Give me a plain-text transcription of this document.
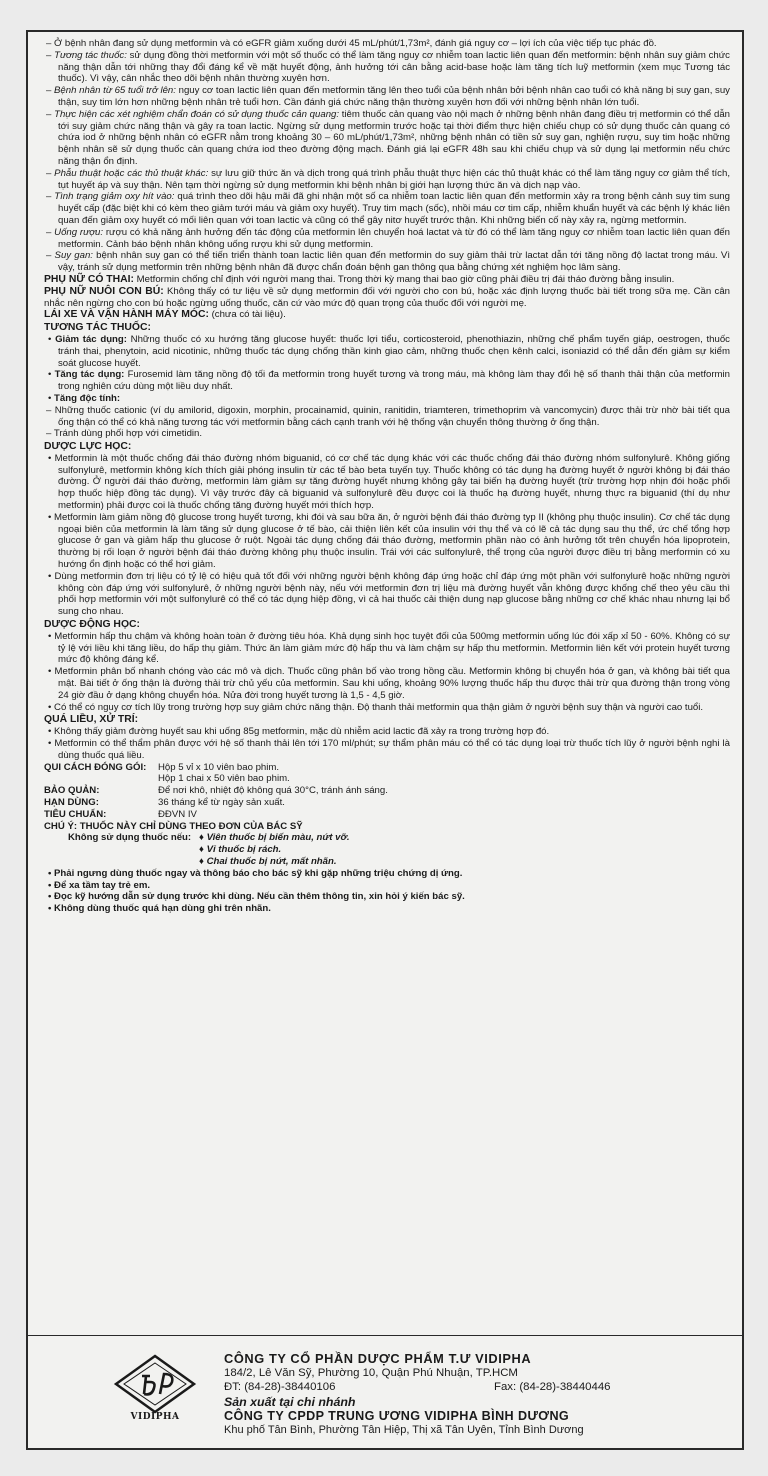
– Ở bệnh nhân đang sử dụng metformin và có eGFR giảm xuống dưới 45 mL/phút/1,73m², đánh giá nguy cơ – lợi ích của việc tiếp tục phác đồ.

– Tương tác thuốc: sử dụng đồng thời metformin với một số thuốc có thể làm tăng nguy cơ nhiễm toan lactic liên quan đến metformin: bệnh nhân suy giảm chức năng thận dẫn tới những thay đổi đáng kể về mặt huyết động, ảnh hưởng tới cân bằng acid-base hoặc làm tăng tích luỹ metformin (xem mục Tương tác thuốc). Vì vậy, cân nhắc theo dõi bệnh nhân thường xuyên hơn.

– Bệnh nhân từ 65 tuổi trở lên: nguy cơ toan lactic liên quan đến metformin tăng lên theo tuổi của bệnh nhân bởi bệnh nhân cao tuổi có khả năng bị suy gan, suy thận, suy tim lớn hơn những bệnh nhân trẻ tuổi hơn. Cần đánh giá chức năng thận thường xuyên hơn đối với những bệnh nhân lớn tuổi.

– Thực hiện các xét nghiệm chẩn đoán có sử dụng thuốc cản quang: tiêm thuốc cản quang vào nội mạch ở những bệnh nhân đang điều trị metformin có thể dẫn tới suy giảm chức năng thận và gây ra toan lactic. Ngừng sử dụng metformin trước hoặc tại thời điểm thực hiện chiếu chụp có sử dụng thuốc cản quang có chứa iod ở những bệnh nhân có eGFR nằm trong khoảng 30 – 60 mL/phút/1,73m², những bệnh nhân có tiền sử suy gan, nghiện rượu, suy tim hoặc những bệnh nhân sẽ sử dụng thuốc cản quang chứa iod theo đường động mạch. Đánh giá lại eGFR 48h sau khi chiếu chụp và sử dụng lại metformin nếu chức năng thận ổn định.

– Phẫu thuật hoặc các thủ thuật khác: sự lưu giữ thức ăn và dịch trong quá trình phẫu thuật thực hiện các thủ thuật khác có thể làm tăng nguy cơ giảm thể tích, tụt huyết áp và suy thận. Nên tạm thời ngừng sử dụng metformin khi bệnh nhân bị giới hạn lượng thức ăn và dịch nạp vào.

– Tình trạng giảm oxy hít vào: quá trình theo dõi hậu mãi đã ghi nhận một số ca nhiễm toan lactic liên quan đến metformin xảy ra trong bệnh cảnh suy tim sung huyết cấp (đặc biệt khi có kèm theo giảm tưới máu và giảm oxy huyết). Truy tim mạch (sốc), nhồi máu cơ tim cấp, nhiễm khuẩn huyết và các bệnh lý khác liên quan đến giảm oxy huyết có mối liên quan với toan lactic và cũng có thể gây nitơ huyết trước thận. Khi những biến cố này xảy ra, ngừng metformin.

– Uống rượu: rượu có khả năng ảnh hưởng đến tác động của metformin lên chuyển hoá lactat và từ đó có thể làm tăng nguy cơ nhiễm toan lactic liên quan đến metformin. Cảnh báo bệnh nhân không uống rượu khi sử dụng metformin.

– Suy gan: bệnh nhân suy gan có thể tiến triển thành toan lactic liên quan đến metformin do suy giảm thải trừ lactat dẫn tới tăng nồng độ lactat trong máu. Vì vậy, tránh sử dụng metformin trên những bệnh nhân đã được chẩn đoán bệnh gan thông qua bằng chứng xét nghiệm học lâm sàng.

PHỤ NỮ CÓ THAI: Metformin chống chỉ định với người mang thai. Trong thời kỳ mang thai bao giờ cũng phải điều trị đái tháo đường bằng insulin.

PHỤ NỮ NUÔI CON BÚ: Không thấy có tư liệu về sử dụng metformin đối với người cho con bú, hoặc xác định lượng thuốc bài tiết trong sữa mẹ. Cần cân nhắc nên ngừng cho con bú hoặc ngừng uống thuốc, căn cứ vào mức độ quan trọng của thuốc đối với người mẹ.

LÁI XE VÀ VẬN HÀNH MÁY MÓC: (chưa có tài liệu).

TƯƠNG TÁC THUỐC:

• Giảm tác dụng: Những thuốc có xu hướng tăng glucose huyết: thuốc lợi tiểu, corticosteroid, phenothiazin, những chế phẩm tuyến giáp, oestrogen, thuốc tránh thai, phenytoin, acid nicotinic, những thuốc tác dụng chống thần kinh giao cảm, những thuốc chẹn kênh calci, isoniazid có thể dẫn đến giảm sự kiểm soát glucose huyết.

• Tăng tác dụng: Furosemid làm tăng nồng độ tối đa metformin trong huyết tương và trong máu, mà không làm thay đổi hệ số thanh thải thận của metformin trong nghiên cứu dùng một liều duy nhất.

• Tăng độc tính:

– Những thuốc cationic (ví dụ amilorid, digoxin, morphin, procainamid, quinin, ranitidin, triamteren, trimethoprim và vancomycin) được thải trừ nhờ bài tiết qua ống thận có thể có khả năng tương tác với metformin bằng cách cạnh tranh với hệ thống vận chuyển thông thường ở ống thận.

– Tránh dùng phối hợp với cimetidin.

DƯỢC LỰC HỌC:

• Metformin là một thuốc chống đái tháo đường nhóm biguanid, có cơ chế tác dụng khác với các thuốc chống đái tháo đường nhóm sulfonylurê. Không giống sulfonylurê, metformin không kích thích giải phóng insulin từ các tế bào beta tuyến tụy. Thuốc không có tác dụng hạ đường huyết ở người không bị đái tháo đường. Ở người đái tháo đường, metformin làm giảm sự tăng đường huyết nhưng không gây tai biến hạ đường huyết (trừ trường hợp nhịn đói hoặc phối hợp thuốc hiệp đồng tác dụng). Vì vậy trước đây cả biguanid và sulfonylurê đều được coi là thuốc hạ đường huyết, nhưng thực ra biguanid (thí dụ như metformin) phải được coi là thuốc chống tăng đường huyết mới thích hợp.

• Metformin làm giảm nồng độ glucose trong huyết tương, khi đói và sau bữa ăn, ở người bệnh đái tháo đường typ II (không phụ thuộc insulin). Cơ chế tác dụng ngoại biên của metformin là làm tăng sử dụng glucose ở tế bào, cải thiện liên kết của insulin với thụ thể và có lẽ cả tác dụng sau thụ thể, ức chế tổng hợp glucose ở gan và giảm hấp thu glucose ở ruột. Ngoài tác dụng chống đái tháo đường, metformin phần nào có ảnh hưởng tốt trên chuyển hóa lipoprotein, thường bị rối loạn ở người bệnh đái tháo đường không phụ thuộc insulin. Trái với các sulfonylurê, thể trọng của người được điều trị bằng merformin có xu hướng ổn định hoặc có thể hơi giảm.

• Dùng metformin đơn trị liệu có tỷ lệ có hiệu quả tốt đối với những người bệnh không đáp ứng hoặc chỉ đáp ứng một phần với sulfonylurê hoặc những người không còn đáp ứng với sulfonylurê, ở những người bệnh này, nếu với metformin đơn trị liệu mà đường huyết vẫn không được khống chế theo yêu cầu thì phối hợp metformin với một sulfonylurê có thể có tác dụng hiệp đồng, vì cả hai thuốc cải thiện dung nạp glucose bằng những cơ chế khác nhau nhưng lại bổ sung cho nhau.

DƯỢC ĐỘNG HỌC:

• Metformin hấp thu chậm và không hoàn toàn ở đường tiêu hóa. Khả dụng sinh học tuyệt đối của 500mg metformin uống lúc đói xấp xỉ 50 - 60%. Không có sự tỷ lệ với liều khi tăng liều, do hấp thụ giảm. Thức ăn làm giảm mức độ hấp thu và làm chậm sự hấp thu metformin. Metformin liên kết với protein huyết tương mức độ không đáng kể.

• Metformin phân bố nhanh chóng vào các mô và dịch. Thuốc cũng phân bố vào trong hồng cầu. Metformin không bị chuyển hóa ở gan, và không bài tiết qua mật. Bài tiết ở ống thận là đường thải trừ chủ yếu của metformin. Sau khi uống, khoảng 90% lượng thuốc hấp thu được thải trừ qua đường thận trong vòng 24 giờ đầu ở dạng không chuyển hóa. Nửa đời trong huyết tương là 1,5 - 4,5 giờ.

• Có thể có nguy cơ tích lũy trong trường hợp suy giảm chức năng thận. Độ thanh thải metformin qua thận giảm ở người bệnh suy thận và người cao tuổi.

QUÁ LIỀU, XỬ TRÍ:

• Không thấy giảm đường huyết sau khi uống 85g metformin, mặc dù nhiễm acid lactic đã xảy ra trong trường hợp đó.

• Metformin có thể thẩm phân được với hệ số thanh thải lên tới 170 ml/phút; sự thẩm phân máu có thể có tác dụng loại trừ thuốc tích lũy ở người bệnh nghi là dùng thuốc quá liều.

QUI CÁCH ĐÓNG GÓI:	Hộp 5 vỉ x 10 viên bao phim.
Hộp 1 chai x 50 viên bao phim.
BẢO QUẢN:	Để nơi khô, nhiệt độ không quá 30°C, tránh ánh sáng.
HẠN DÙNG:	36 tháng kể từ ngày sản xuất.
TIÊU CHUẨN:	ĐĐVN IV

CHÚ Ý: THUỐC NÀY CHỈ DÙNG THEO ĐƠN CỦA BÁC SỸ

Không sử dụng thuốc nếu: ♦ Viên thuốc bị biến màu, nứt vỡ.
♦ Vỉ thuốc bị rách.
♦ Chai thuốc bị nứt, mất nhãn.

• Phải ngưng dùng thuốc ngay và thông báo cho bác sỹ khi gặp những triệu chứng dị ứng.

• Để xa tầm tay trẻ em.

• Đọc kỹ hướng dẫn sử dụng trước khi dùng. Nếu cần thêm thông tin, xin hỏi ý kiến bác sỹ.

• Không dùng thuốc quá hạn dùng ghi trên nhãn.

VIDIPHA
CÔNG TY CỔ PHẦN DƯỢC PHẨM T.Ư VIDIPHA
184/2, Lê Văn Sỹ, Phường 10, Quận Phú Nhuận, TP.HCM
ĐT: (84-28)-38440106	Fax: (84-28)-38440446
Sản xuất tại chi nhánh
CÔNG TY CPDP TRUNG ƯƠNG VIDIPHA BÌNH DƯƠNG
Khu phố Tân Bình, Phường Tân Hiệp, Thị xã Tân Uyên, Tỉnh Bình Dương
